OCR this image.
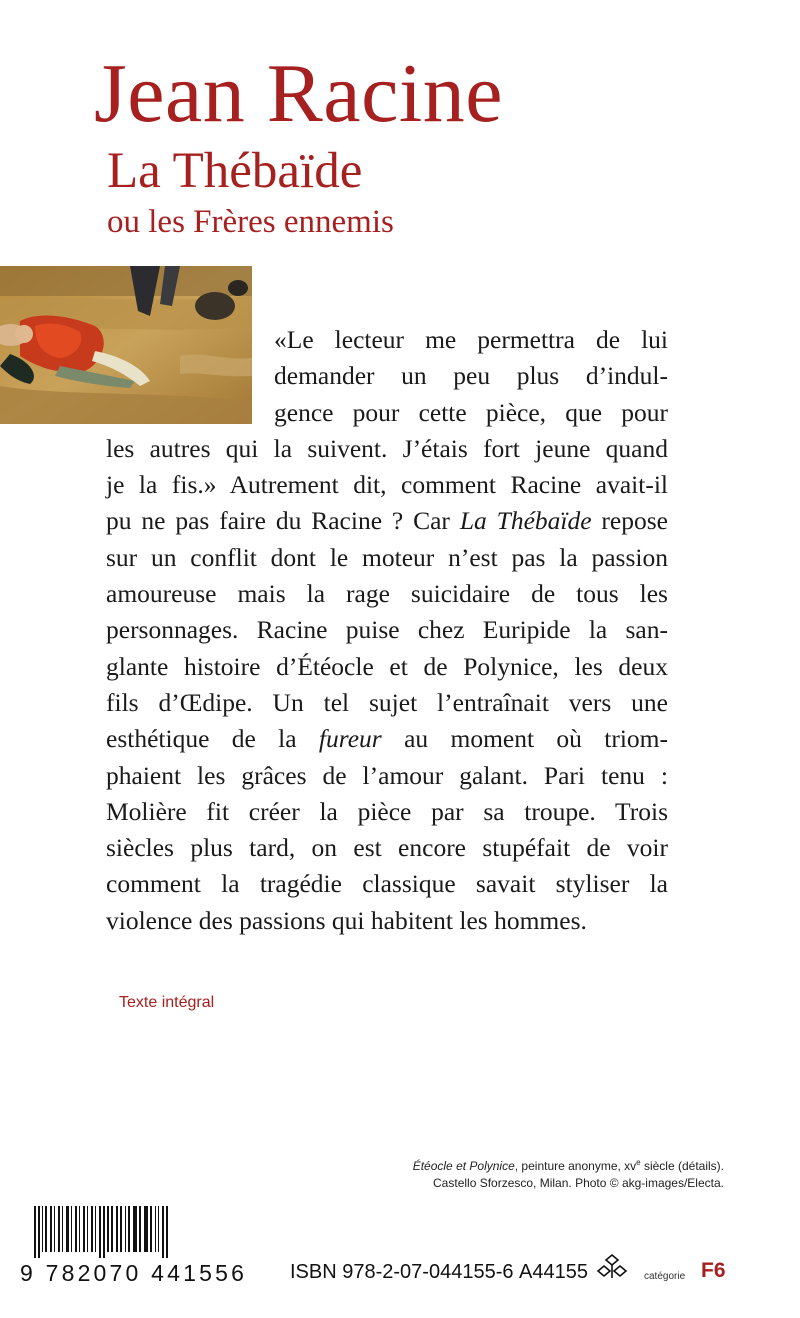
Jean Racine
La Thébaïde
ou les Frères ennemis
«Le lecteur me permettra de lui
demander un peu plus d’indul-
gence pour cette pièce, que pour
les autres qui la suivent. J’étais fort jeune quand
je la fis.» Autrement dit, comment Racine avait-il
pu ne pas faire du Racine ? Car La Thébaïde repose
sur un conflit dont le moteur n’est pas la passion
amoureuse mais la rage suicidaire de tous les
personnages. Racine puise chez Euripide la san-
glante histoire d’Étéocle et de Polynice, les deux
fils d’Œdipe. Un tel sujet l’entraînait vers une
esthétique de la fureur au moment où triom-
phaient les grâces de l’amour galant. Pari tenu :
Molière fit créer la pièce par sa troupe. Trois
siècles plus tard, on est encore stupéfait de voir
comment la tragédie classique savait styliser la
violence des passions qui habitent les hommes.
Texte intégral
Étéocle et Polynice, peinture anonyme, $xv^e$ siècle (détails).
Castello Sforzesco, Milan. Photo © akg-images/Electa.
9 782070 441556 ISBN 978-2-07-044155-6 A44155	catégorie F6
